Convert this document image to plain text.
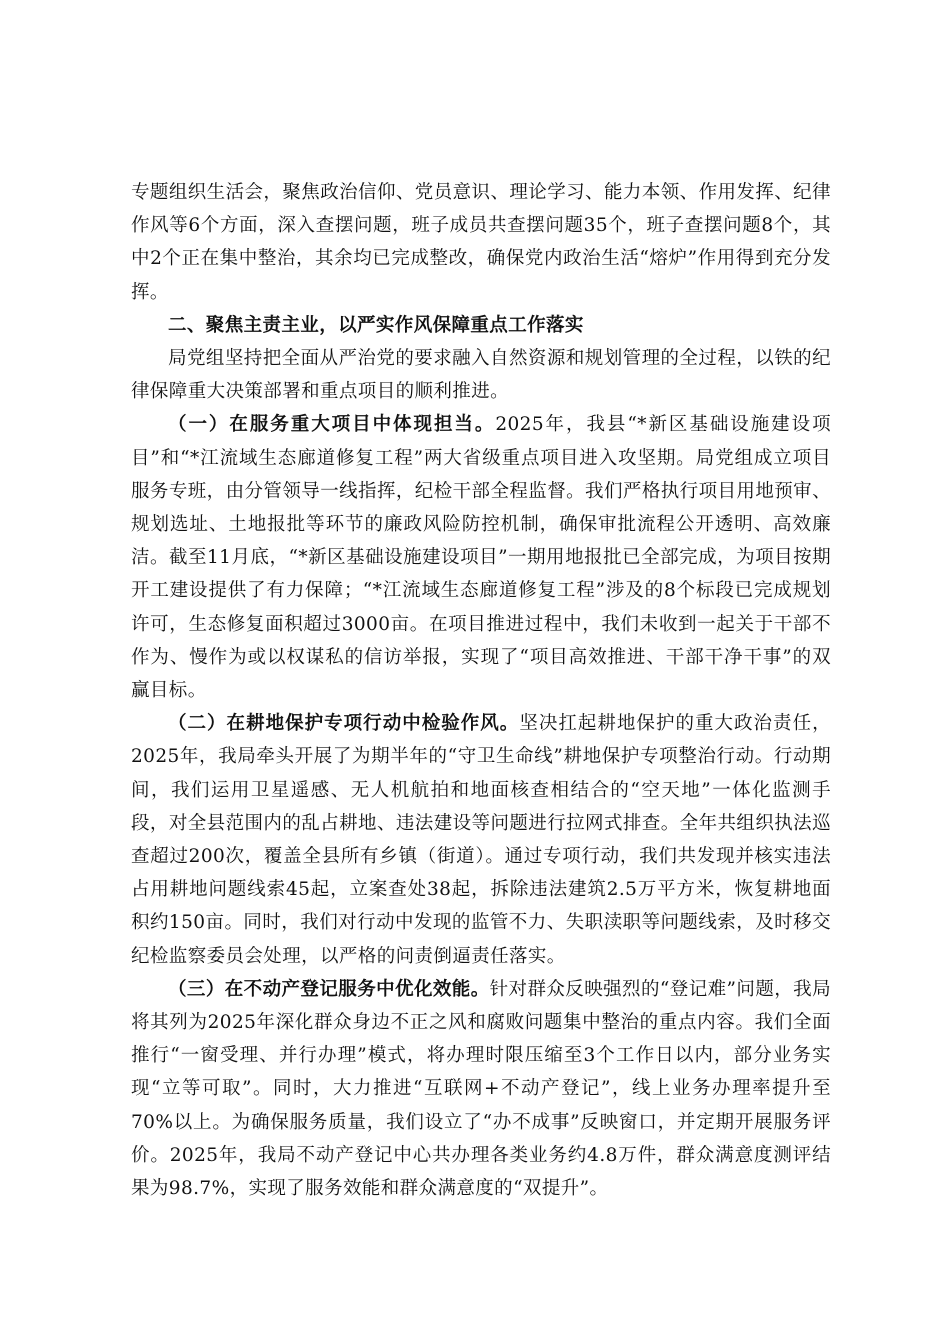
专题组织生活会，聚焦政治信仰、党员意识、理论学习、能力本领、作用发挥、纪律作风等6个方面，深入查摆问题，班子成员共查摆问题35个，班子查摆问题8个，其中2个正在集中整治，其余均已完成整改，确保党内政治生活“熔炉”作用得到充分发挥。

二、聚焦主责主业，以严实作风保障重点工作落实

局党组坚持把全面从严治党的要求融入自然资源和规划管理的全过程，以铁的纪律保障重大决策部署和重点项目的顺利推进。

（一）在服务重大项目中体现担当。2025年，我县“*新区基础设施建设项目”和“*江流域生态廊道修复工程”两大省级重点项目进入攻坚期。局党组成立项目服务专班，由分管领导一线指挥，纪检干部全程监督。我们严格执行项目用地预审、规划选址、土地报批等环节的廉政风险防控机制，确保审批流程公开透明、高效廉洁。截至11月底，“*新区基础设施建设项目”一期用地报批已全部完成，为项目按期开工建设提供了有力保障；“*江流域生态廊道修复工程”涉及的8个标段已完成规划许可，生态修复面积超过3000亩。在项目推进过程中，我们未收到一起关于干部不作为、慢作为或以权谋私的信访举报，实现了“项目高效推进、干部干净干事”的双赢目标。

（二）在耕地保护专项行动中检验作风。坚决扛起耕地保护的重大政治责任，2025年，我局牵头开展了为期半年的“守卫生命线”耕地保护专项整治行动。行动期间，我们运用卫星遥感、无人机航拍和地面核查相结合的“空天地”一体化监测手段，对全县范围内的乱占耕地、违法建设等问题进行拉网式排查。全年共组织执法巡查超过200次，覆盖全县所有乡镇（街道）。通过专项行动，我们共发现并核实违法占用耕地问题线索45起，立案查处38起，拆除违法建筑2.5万平方米，恢复耕地面积约150亩。同时，我们对行动中发现的监管不力、失职渎职等问题线索，及时移交纪检监察委员会处理，以严格的问责倒逼责任落实。

（三）在不动产登记服务中优化效能。针对群众反映强烈的“登记难”问题，我局将其列为2025年深化群众身边不正之风和腐败问题集中整治的重点内容。我们全面推行“一窗受理、并行办理”模式，将办理时限压缩至3个工作日以内，部分业务实现“立等可取”。同时，大力推进“互联网+不动产登记”，线上业务办理率提升至70%以上。为确保服务质量，我们设立了“办不成事”反映窗口，并定期开展服务评价。2025年，我局不动产登记中心共办理各类业务约4.8万件，群众满意度测评结果为98.7%，实现了服务效能和群众满意度的“双提升”。
